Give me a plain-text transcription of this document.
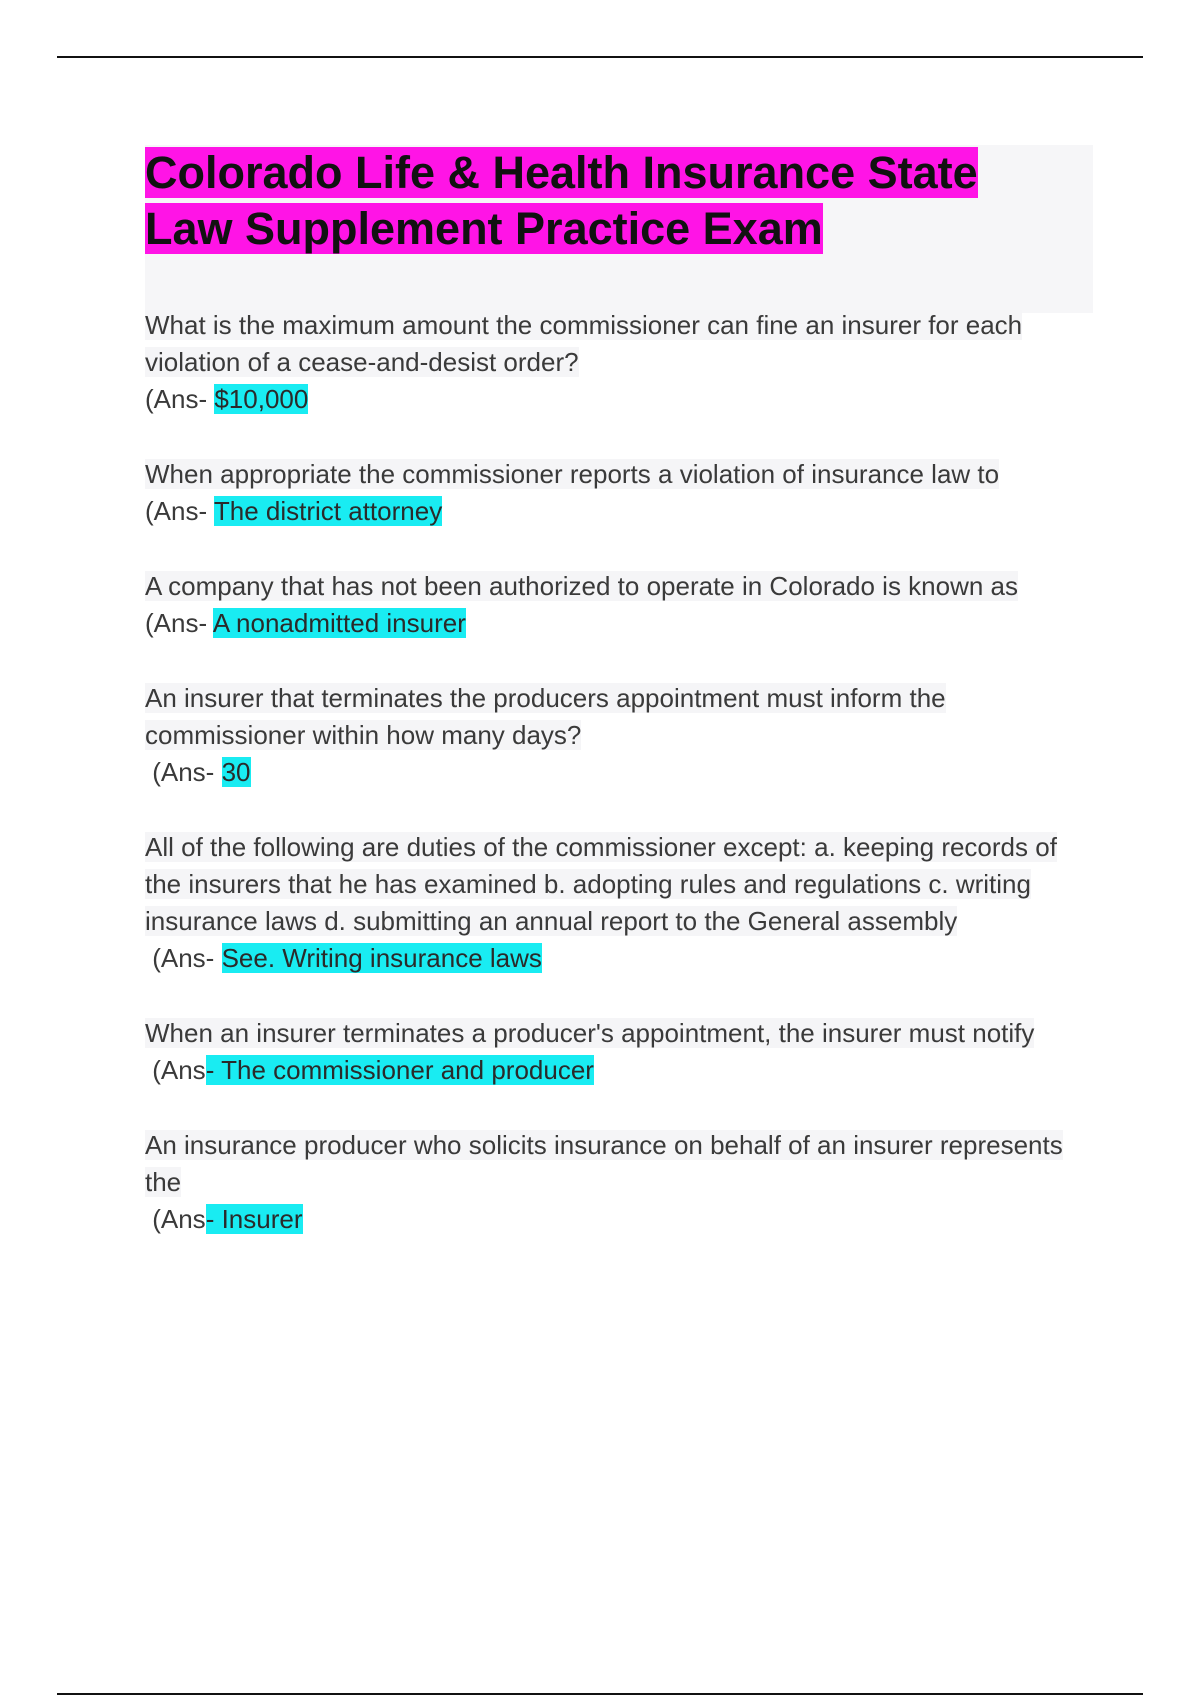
Colorado Life & Health Insurance State Law Supplement Practice Exam

What is the maximum amount the commissioner can fine an insurer for each violation of a cease-and-desist order?

(Ans- $10,000

When appropriate the commissioner reports a violation of insurance law to

(Ans- The district attorney

A company that has not been authorized to operate in Colorado is known as

(Ans- A nonadmitted insurer

An insurer that terminates the producers appointment must inform the commissioner within how many days?

(Ans- 30

All of the following are duties of the commissioner except: a. keeping records of the insurers that he has examined b. adopting rules and regulations c. writing insurance laws d. submitting an annual report to the General assembly

(Ans- See. Writing insurance laws

When an insurer terminates a producer's appointment, the insurer must notify

(Ans- The commissioner and producer

An insurance producer who solicits insurance on behalf of an insurer represents the

(Ans- Insurer
